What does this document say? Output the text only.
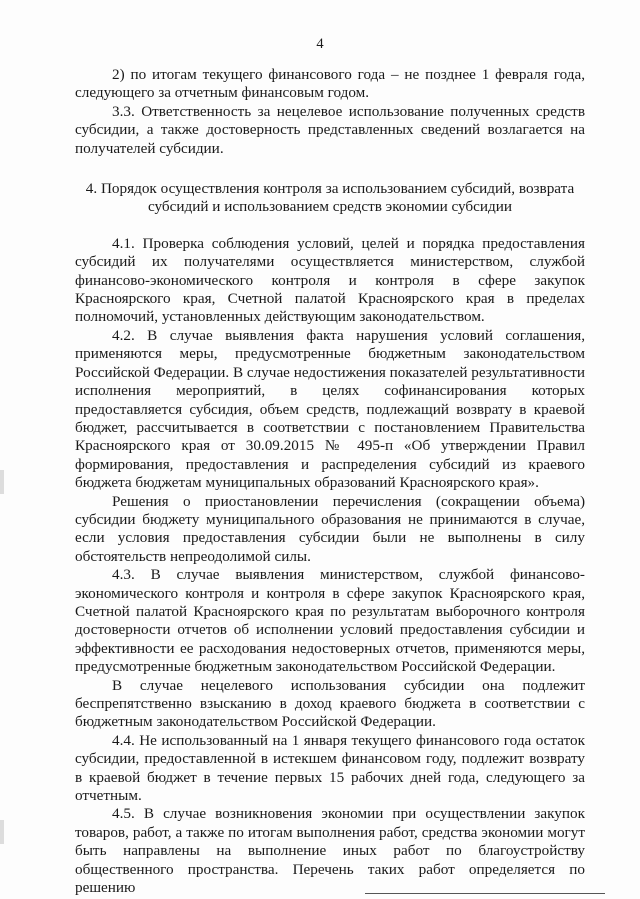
4

2) по итогам текущего финансового года – не позднее 1 февраля года, следующего за отчетным финансовым годом.

3.3. Ответственность за нецелевое использование полученных средств субсидии, а также достоверность представленных сведений возлагается на получателей субсидии.

4. Порядок осуществления контроля за использованием субсидий, возврата

субсидий и использованием средств экономии субсидии

4.1. Проверка соблюдения условий, целей и порядка предоставления субсидий их получателями осуществляется министерством, службой финансово-экономического контроля и контроля в сфере закупок Красноярского края, Счетной палатой Красноярского края в пределах полномочий, установленных действующим законодательством.

4.2. В случае выявления факта нарушения условий соглашения, применяются меры, предусмотренные бюджетным законодательством Российской Федерации. В случае недостижения показателей результативности исполнения мероприятий, в целях софинансирования которых предоставляется субсидия, объем средств, подлежащий возврату в краевой бюджет, рассчитывается в соответствии с постановлением Правительства Красноярского края от 30.09.2015 № 495-п «Об утверждении Правил формирования, предоставления и распределения субсидий из краевого бюджета бюджетам муниципальных образований Красноярского края».

Решения о приостановлении перечисления (сокращении объема) субсидии бюджету муниципального образования не принимаются в случае, если условия предоставления субсидии были не выполнены в силу обстоятельств непреодолимой силы.

4.3. В случае выявления министерством, службой финансово-экономического контроля и контроля в сфере закупок Красноярского края, Счетной палатой Красноярского края по результатам выборочного контроля достоверности отчетов об исполнении условий предоставления субсидии и эффективности ее расходования недостоверных отчетов, применяются меры, предусмотренные бюджетным законодательством Российской Федерации.

В случае нецелевого использования субсидии она подлежит беспрепятственно взысканию в доход краевого бюджета в соответствии с бюджетным законодательством Российской Федерации.

4.4. Не использованный на 1 января текущего финансового года остаток субсидии, предоставленной в истекшем финансовом году, подлежит возврату в краевой бюджет в течение первых 15 рабочих дней года, следующего за отчетным.

4.5. В случае возникновения экономии при осуществлении закупок товаров, работ, а также по итогам выполнения работ, средства экономии могут быть направлены на выполнение иных работ по благоустройству общественного пространства. Перечень таких работ определяется по решению
